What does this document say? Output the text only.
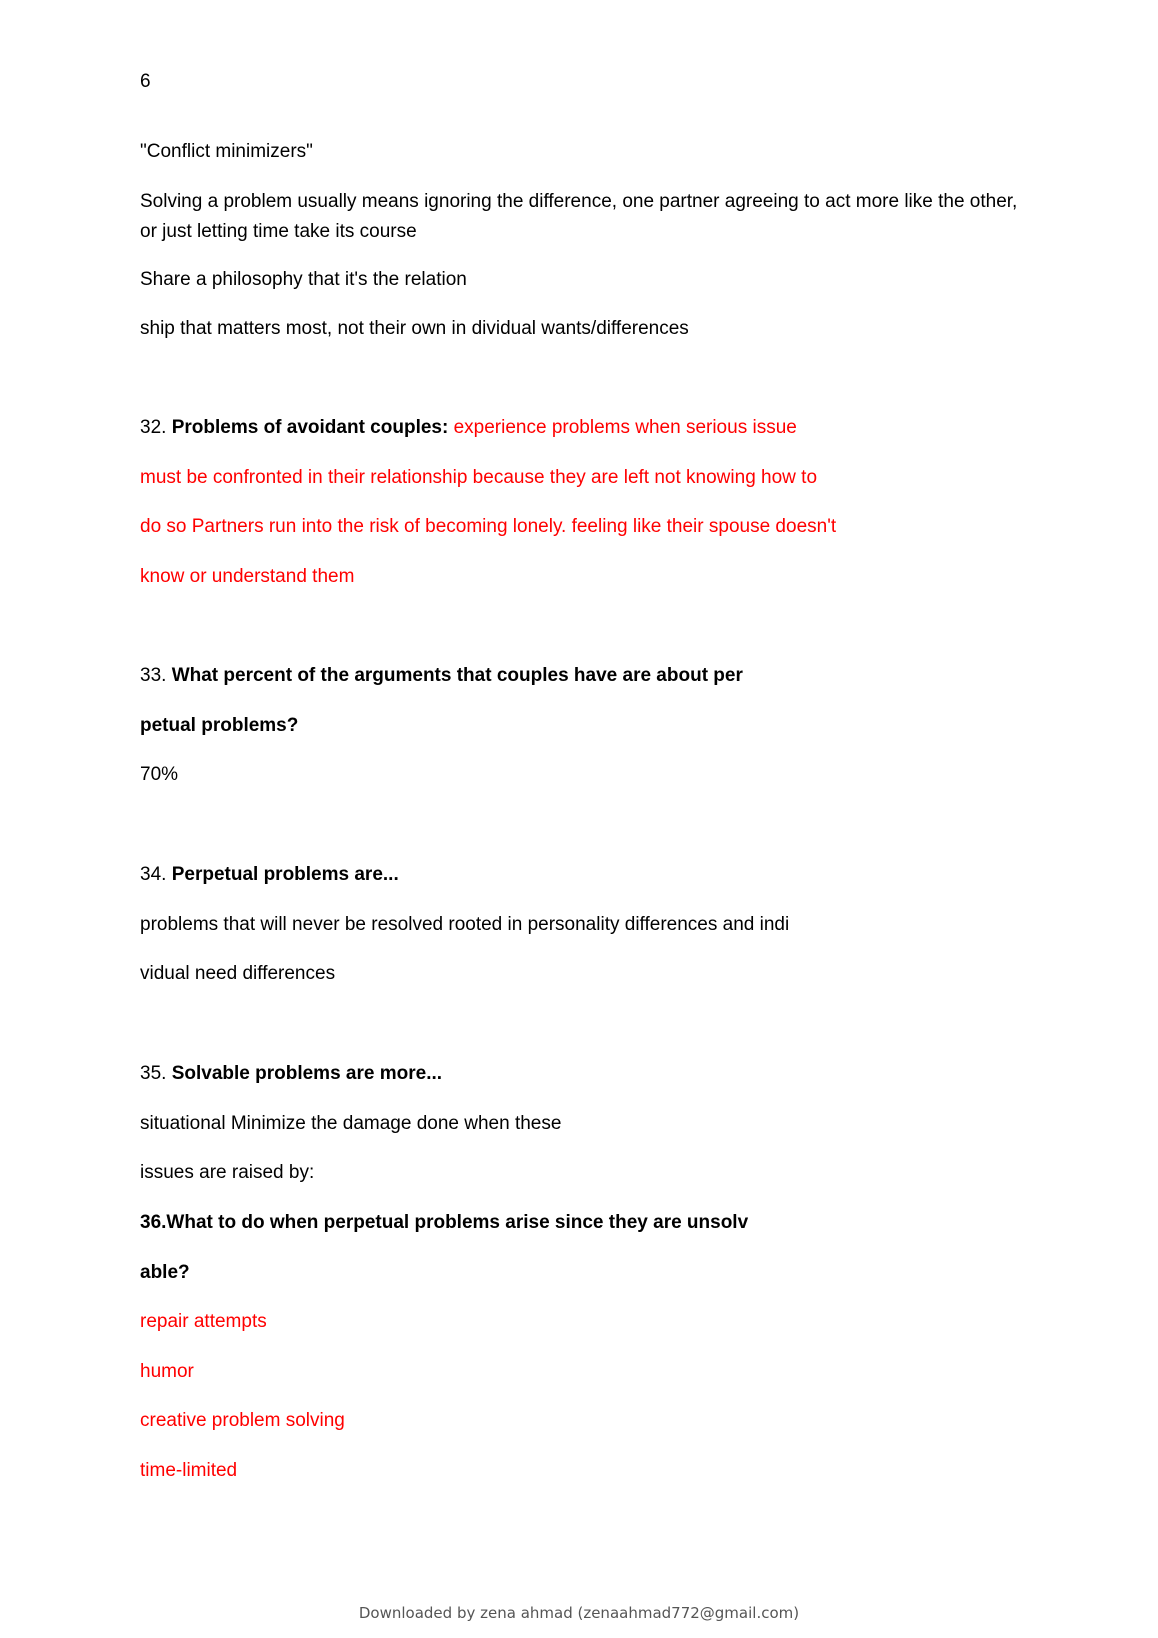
6
"Conflict minimizers"
Solving a problem usually means ignoring the difference, one partner agreeing to act more like the other, or just letting time take its course
Share a philosophy that it's the relation
ship that matters most, not their own in dividual wants/differences
32. Problems of avoidant couples: experience problems when serious issue
must be confronted in their relationship because they are left not knowing how to
do so Partners run into the risk of becoming lonely. feeling like their spouse doesn't
know or understand them
33. What percent of the arguments that couples have are about per
petual problems?
70%
34. Perpetual problems are...
problems that will never be resolved rooted in personality differences and indi
vidual need differences
35. Solvable problems are more...
situational Minimize the damage done when these
issues are raised by:
36.What to do when perpetual problems arise since they are unsolv
able?
repair attempts
humor
creative problem solving
time-limited
Downloaded by zena ahmad (zenaahmad772@gmail.com)
